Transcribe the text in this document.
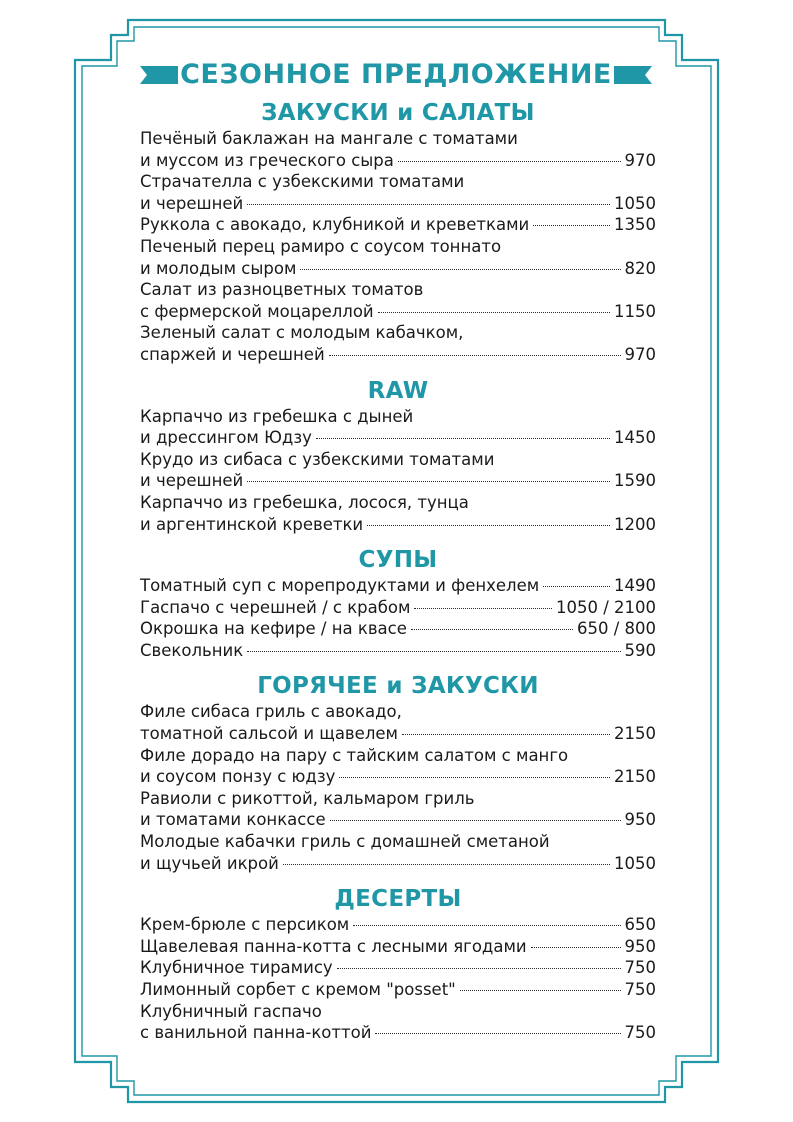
СЕЗОННОЕ ПРЕДЛОЖЕНИЕ
ЗАКУСКИ и САЛАТЫ
Печёный баклажан на мангале с томатами
и муссом из греческого сыра	970
Страчателла с узбекскими томатами
и черешней	1050
Руккола с авокадо, клубникой и креветками	1350
Печеный перец рамиро с соусом тоннато
и молодым сыром	820
Салат из разноцветных томатов
с фермерской моцареллой	1150
Зеленый салат с молодым кабачком,
спаржей и черешней	970
RAW
Карпаччо из гребешка с дыней
и дрессингом Юдзу	1450
Крудо из сибаса с узбекскими томатами
и черешней	1590
Карпаччо из гребешка, лосося, тунца
и аргентинской креветки	1200
СУПЫ
Томатный суп с морепродуктами и фенхелем	1490
Гаспачо с черешней / с крабом	1050 / 2100
Окрошка на кефире / на квасе	650 / 800
Свекольник	590
ГОРЯЧЕЕ и ЗАКУСКИ
Филе сибаса гриль с авокадо,
томатной сальсой и щавелем	2150
Филе дорадо на пару с тайским салатом с манго
и соусом понзу с юдзу	2150
Равиоли с рикоттой, кальмаром гриль
и томатами конкассе	950
Молодые кабачки гриль с домашней сметаной
и щучьей икрой	1050
ДЕСЕРТЫ
Крем-брюле с персиком	650
Щавелевая панна-котта с лесными ягодами	950
Клубничное тирамису	750
Лимонный сорбет с кремом "posset"	750
Клубничный гаспачо
с ванильной панна-коттой	750
